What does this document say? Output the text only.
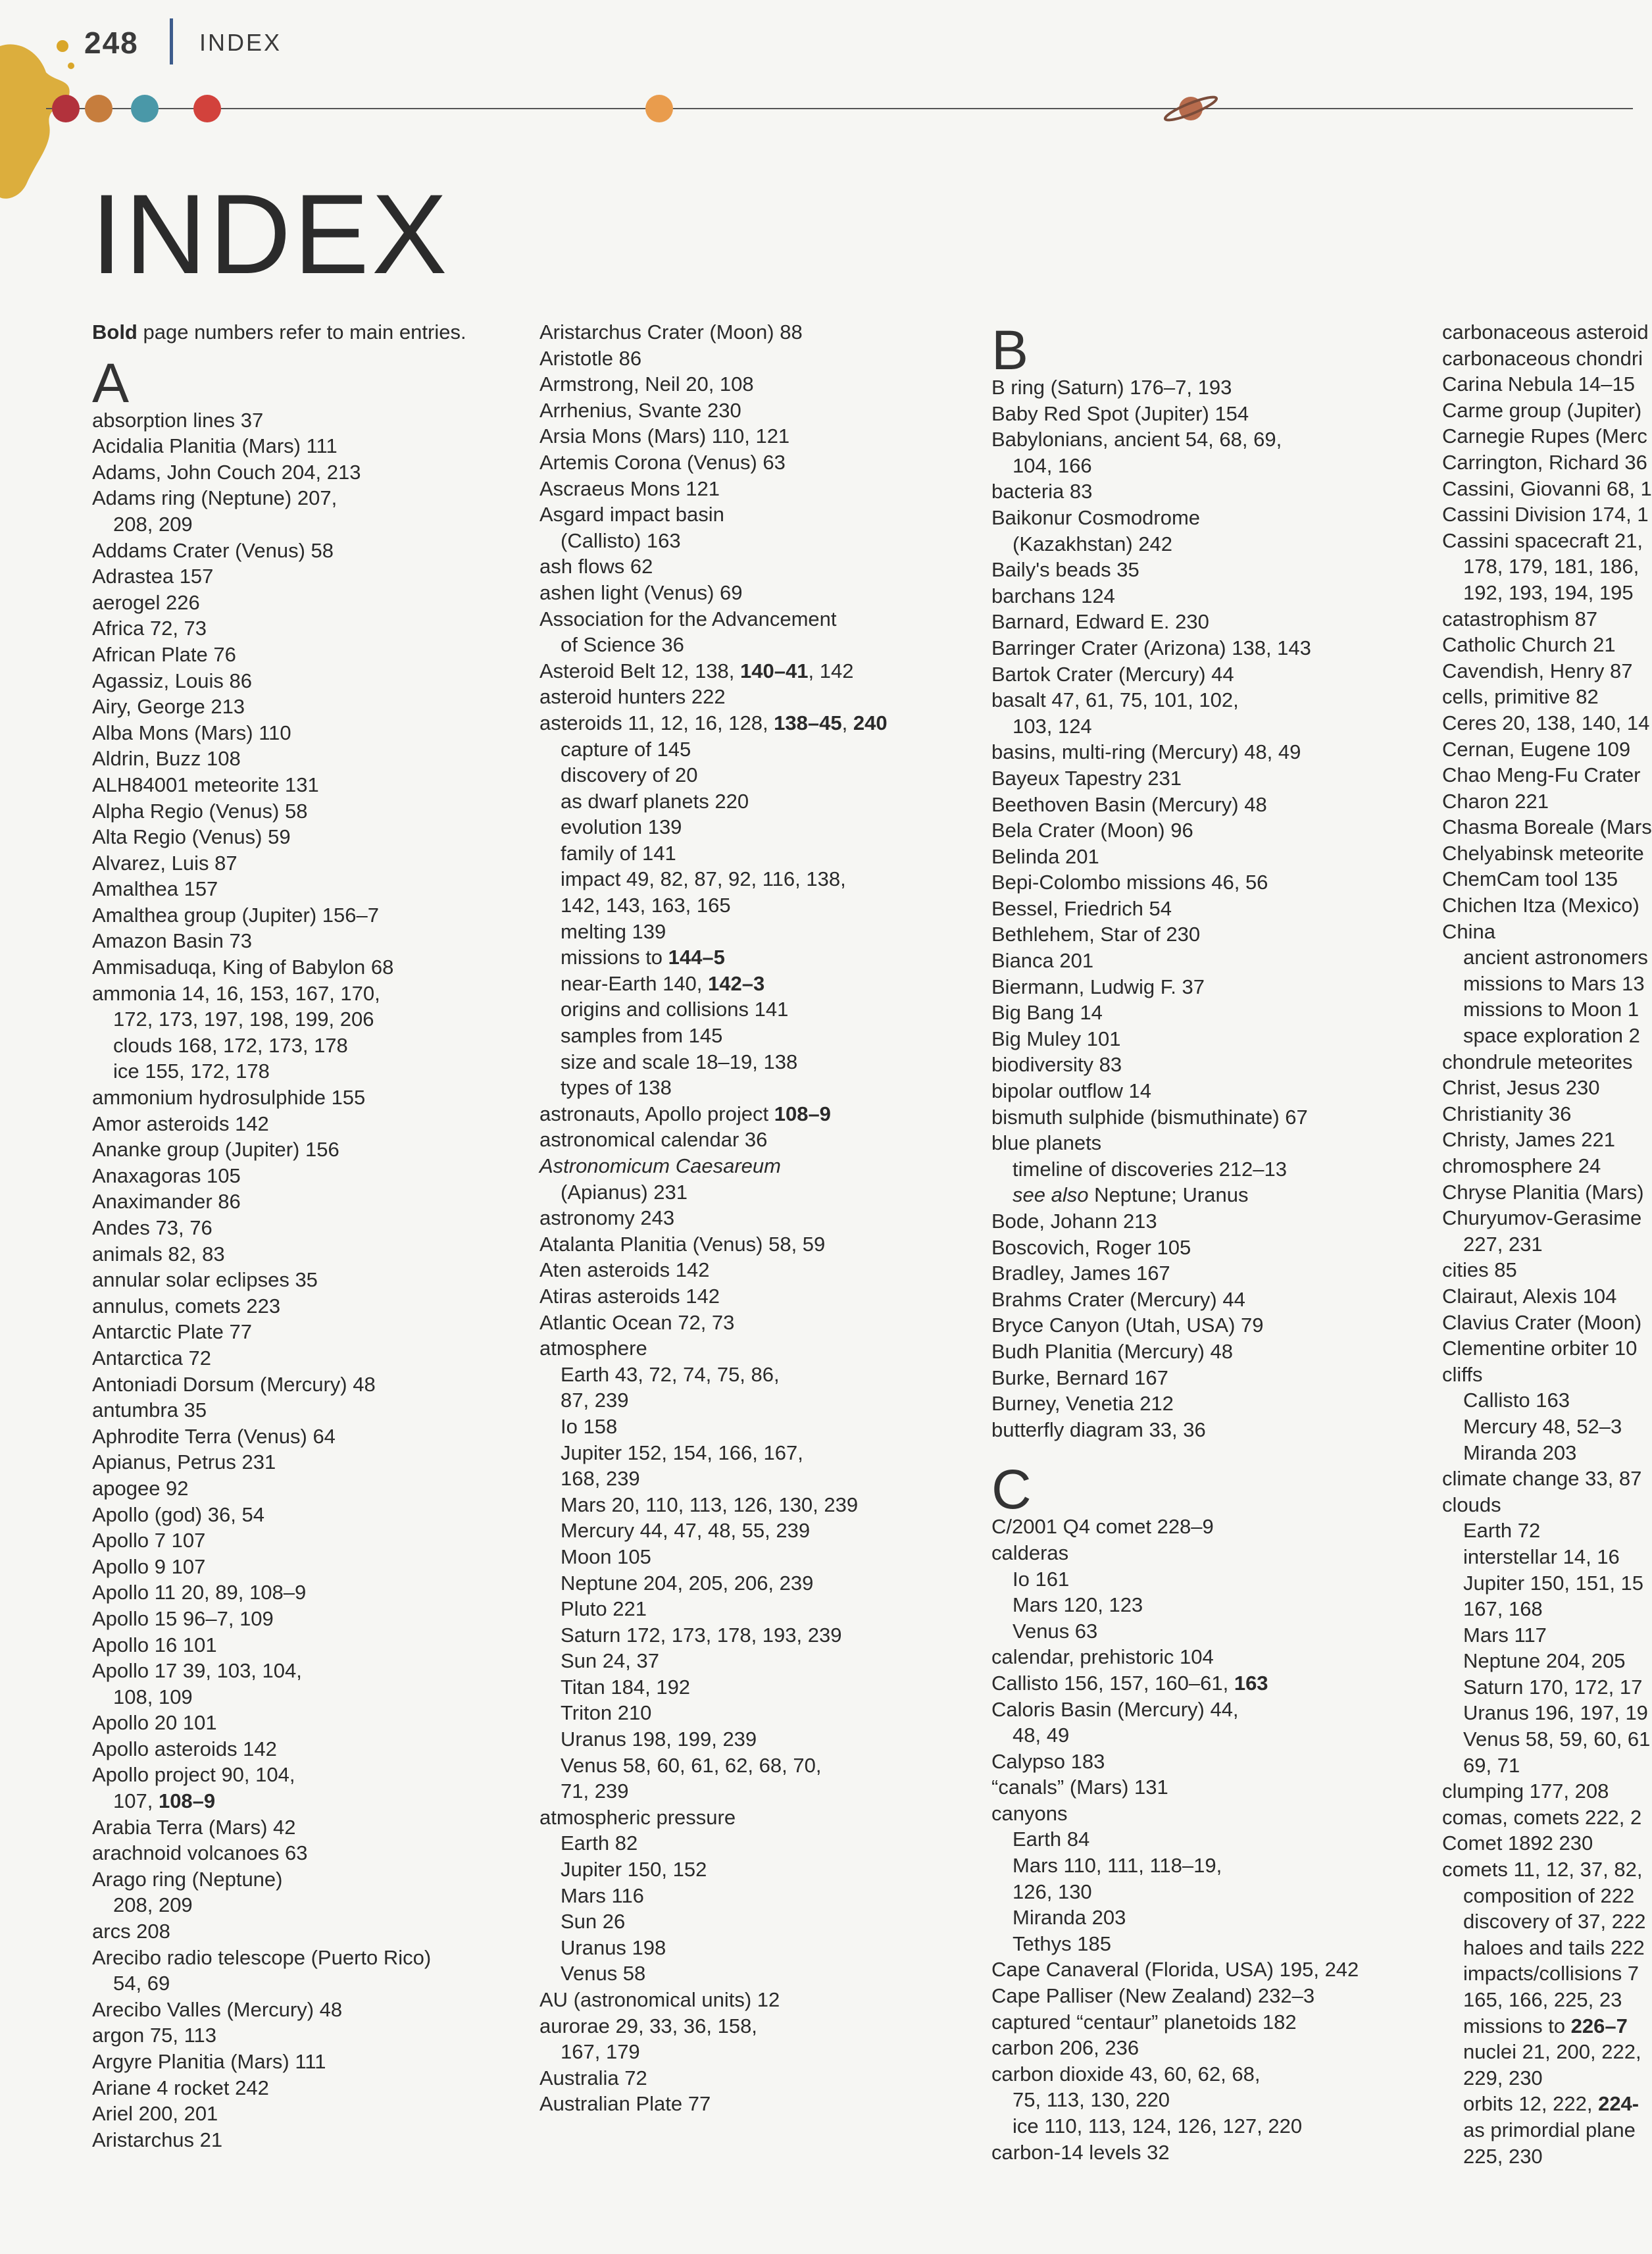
248	INDEX
INDEX
Bold page numbers refer to main entries.
A
absorption lines 37
Acidalia Planitia (Mars) 111
Adams, John Couch 204, 213
Adams ring (Neptune) 207,
208, 209
Addams Crater (Venus) 58
Adrastea 157
aerogel 226
Africa 72, 73
African Plate 76
Agassiz, Louis 86
Airy, George 213
Alba Mons (Mars) 110
Aldrin, Buzz 108
ALH84001 meteorite 131
Alpha Regio (Venus) 58
Alta Regio (Venus) 59
Alvarez, Luis 87
Amalthea 157
Amalthea group (Jupiter) 156–7
Amazon Basin 73
Ammisaduqa, King of Babylon 68
ammonia 14, 16, 153, 167, 170,
172, 173, 197, 198, 199, 206
clouds 168, 172, 173, 178
ice 155, 172, 178
ammonium hydrosulphide 155
Amor asteroids 142
Ananke group (Jupiter) 156
Anaxagoras 105
Anaximander 86
Andes 73, 76
animals 82, 83
annular solar eclipses 35
annulus, comets 223
Antarctic Plate 77
Antarctica 72
Antoniadi Dorsum (Mercury) 48
antumbra 35
Aphrodite Terra (Venus) 64
Apianus, Petrus 231
apogee 92
Apollo (god) 36, 54
Apollo 7 107
Apollo 9 107
Apollo 11 20, 89, 108–9
Apollo 15 96–7, 109
Apollo 16 101
Apollo 17 39, 103, 104,
108, 109
Apollo 20 101
Apollo asteroids 142
Apollo project 90, 104,
107, 108–9
Arabia Terra (Mars) 42
arachnoid volcanoes 63
Arago ring (Neptune)
208, 209
arcs 208
Arecibo radio telescope (Puerto Rico)
54, 69
Arecibo Valles (Mercury) 48
argon 75, 113
Argyre Planitia (Mars) 111
Ariane 4 rocket 242
Ariel 200, 201
Aristarchus 21
Aristarchus Crater (Moon) 88
Aristotle 86
Armstrong, Neil 20, 108
Arrhenius, Svante 230
Arsia Mons (Mars) 110, 121
Artemis Corona (Venus) 63
Ascraeus Mons 121
Asgard impact basin
(Callisto) 163
ash flows 62
ashen light (Venus) 69
Association for the Advancement
of Science 36
Asteroid Belt 12, 138, 140–41, 142
asteroid hunters 222
asteroids 11, 12, 16, 128, 138–45, 240
capture of 145
discovery of 20
as dwarf planets 220
evolution 139
family of 141
impact 49, 82, 87, 92, 116, 138,
142, 143, 163, 165
melting 139
missions to 144–5
near-Earth 140, 142–3
origins and collisions 141
samples from 145
size and scale 18–19, 138
types of 138
astronauts, Apollo project 108–9
astronomical calendar 36
Astronomicum Caesareum
(Apianus) 231
astronomy 243
Atalanta Planitia (Venus) 58, 59
Aten asteroids 142
Atiras asteroids 142
Atlantic Ocean 72, 73
atmosphere
Earth 43, 72, 74, 75, 86,
87, 239
Io 158
Jupiter 152, 154, 166, 167,
168, 239
Mars 20, 110, 113, 126, 130, 239
Mercury 44, 47, 48, 55, 239
Moon 105
Neptune 204, 205, 206, 239
Pluto 221
Saturn 172, 173, 178, 193, 239
Sun 24, 37
Titan 184, 192
Triton 210
Uranus 198, 199, 239
Venus 58, 60, 61, 62, 68, 70,
71, 239
atmospheric pressure
Earth 82
Jupiter 150, 152
Mars 116
Sun 26
Uranus 198
Venus 58
AU (astronomical units) 12
aurorae 29, 33, 36, 158,
167, 179
Australia 72
Australian Plate 77
B
B ring (Saturn) 176–7, 193
Baby Red Spot (Jupiter) 154
Babylonians, ancient 54, 68, 69,
104, 166
bacteria 83
Baikonur Cosmodrome
(Kazakhstan) 242
Baily's beads 35
barchans 124
Barnard, Edward E. 230
Barringer Crater (Arizona) 138, 143
Bartok Crater (Mercury) 44
basalt 47, 61, 75, 101, 102,
103, 124
basins, multi-ring (Mercury) 48, 49
Bayeux Tapestry 231
Beethoven Basin (Mercury) 48
Bela Crater (Moon) 96
Belinda 201
Bepi-Colombo missions 46, 56
Bessel, Friedrich 54
Bethlehem, Star of 230
Bianca 201
Biermann, Ludwig F. 37
Big Bang 14
Big Muley 101
biodiversity 83
bipolar outflow 14
bismuth sulphide (bismuthinate) 67
blue planets
timeline of discoveries 212–13
see also Neptune; Uranus
Bode, Johann 213
Boscovich, Roger 105
Bradley, James 167
Brahms Crater (Mercury) 44
Bryce Canyon (Utah, USA) 79
Budh Planitia (Mercury) 48
Burke, Bernard 167
Burney, Venetia 212
butterfly diagram 33, 36
C
C/2001 Q4 comet 228–9
calderas
Io 161
Mars 120, 123
Venus 63
calendar, prehistoric 104
Callisto 156, 157, 160–61, 163
Caloris Basin (Mercury) 44,
48, 49
Calypso 183
“canals” (Mars) 131
canyons
Earth 84
Mars 110, 111, 118–19,
126, 130
Miranda 203
Tethys 185
Cape Canaveral (Florida, USA) 195, 242
Cape Palliser (New Zealand) 232–3
captured “centaur” planetoids 182
carbon 206, 236
carbon dioxide 43, 60, 62, 68,
75, 113, 130, 220
ice 110, 113, 124, 126, 127, 220
carbon-14 levels 32
carbonaceous asteroid
carbonaceous chondri
Carina Nebula 14–15
Carme group (Jupiter)
Carnegie Rupes (Merc
Carrington, Richard 36
Cassini, Giovanni 68, 1
Cassini Division 174, 1
Cassini spacecraft 21,
178, 179, 181, 186,
192, 193, 194, 195
catastrophism 87
Catholic Church 21
Cavendish, Henry 87
cells, primitive 82
Ceres 20, 138, 140, 14
Cernan, Eugene 109
Chao Meng-Fu Crater
Charon 221
Chasma Boreale (Mars
Chelyabinsk meteorite
ChemCam tool 135
Chichen Itza (Mexico)
China
ancient astronomers
missions to Mars 13
missions to Moon 1
space exploration 2
chondrule meteorites
Christ, Jesus 230
Christianity 36
Christy, James 221
chromosphere 24
Chryse Planitia (Mars)
Churyumov-Gerasime
227, 231
cities 85
Clairaut, Alexis 104
Clavius Crater (Moon)
Clementine orbiter 10
cliffs
Callisto 163
Mercury 48, 52–3
Miranda 203
climate change 33, 87
clouds
Earth 72
interstellar 14, 16
Jupiter 150, 151, 15
167, 168
Mars 117
Neptune 204, 205
Saturn 170, 172, 17
Uranus 196, 197, 19
Venus 58, 59, 60, 61
69, 71
clumping 177, 208
comas, comets 222, 2
Comet 1892 230
comets 11, 12, 37, 82,
composition of 222
discovery of 37, 222
haloes and tails 222
impacts/collisions 7
165, 166, 225, 23
missions to 226–7
nuclei 21, 200, 222,
229, 230
orbits 12, 222, 224-
as primordial plane
225, 230
